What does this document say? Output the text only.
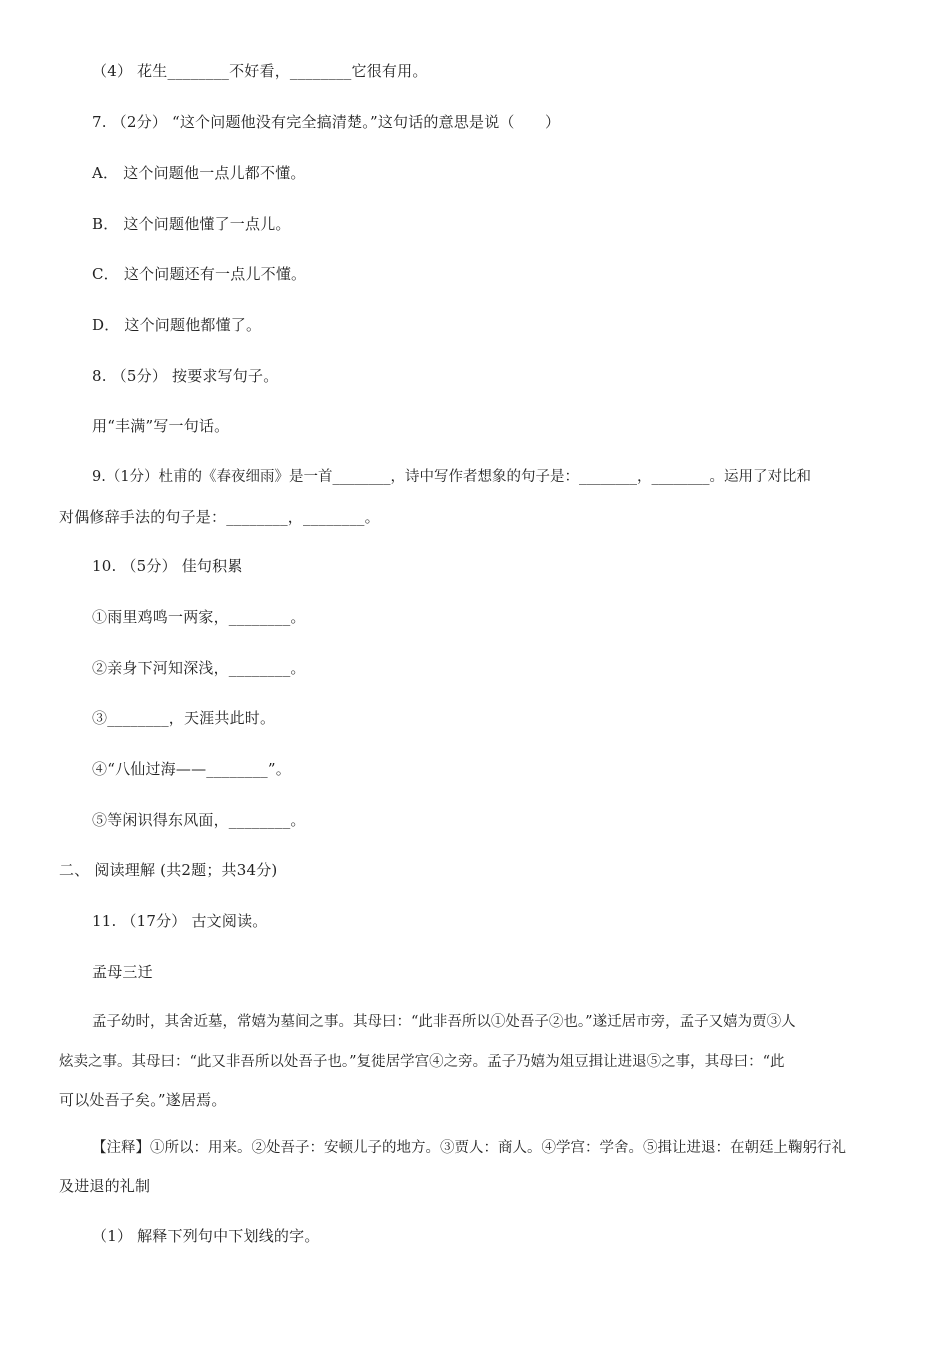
（4） 花生________不好看，________它很有用。
7. （2分） “这个问题他没有完全搞清楚。”这句话的意思是说（　　）
A． 这个问题他一点儿都不懂。
B． 这个问题他懂了一点儿。
C． 这个问题还有一点儿不懂。
D． 这个问题他都懂了。
8. （5分） 按要求写句子。
用“丰满”写一句话。
9.（1分）杜甫的《春夜细雨》是一首________，诗中写作者想象的句子是：________，________。运用了对比和
对偶修辞手法的句子是：________，________。
10. （5分） 佳句积累
①雨里鸡鸣一两家，________。
②亲身下河知深浅，________。
③________，天涯共此时。
④“八仙过海——________”。
⑤等闲识得东风面，________。
二、 阅读理解 (共2题；共34分)
11. （17分） 古文阅读。
孟母三迁
孟子幼时，其舍近墓，常嬉为墓间之事。其母曰：“此非吾所以①处吾子②也。”遂迁居市旁，孟子又嬉为贾③人
炫卖之事。其母曰：“此又非吾所以处吾子也。”复徙居学宫④之旁。孟子乃嬉为俎豆揖让进退⑤之事，其母曰：“此
可以处吾子矣。”遂居焉。
【注释】①所以：用来。②处吾子：安顿儿子的地方。③贾人：商人。④学宫：学舍。⑤揖让进退：在朝廷上鞠躬行礼
及进退的礼制
（1） 解释下列句中下划线的字。
